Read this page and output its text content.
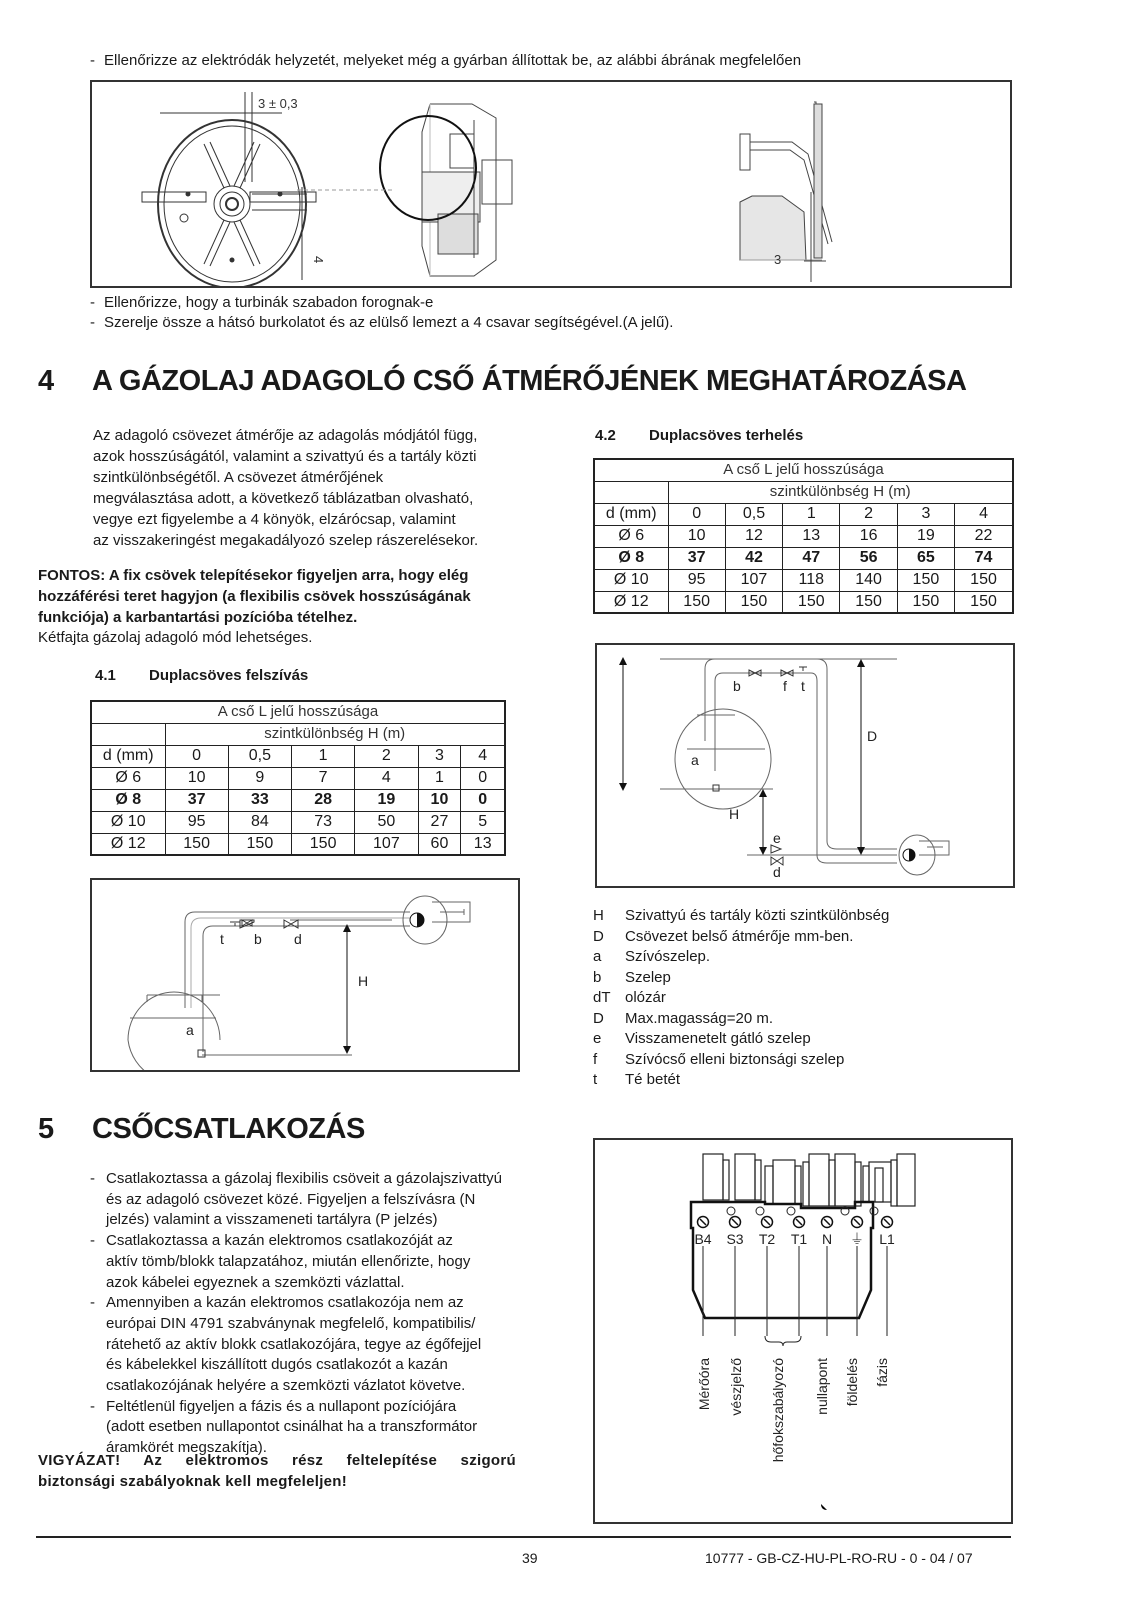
- Ellenőrizze az elektródák helyzetét, melyeket még a gyárban állítottak be, az alábbi ábrának megfelelően
3 ± 0,3
4	3
- Ellenőrizze, hogy a turbinák szabadon forognak-e
- Szerelje össze a hátsó burkolatot és az elülső lemezt a 4 csavar segítségével.(A jelű).
4 A GÁZOLAJ ADAGOLÓ CSŐ ÁTMÉRŐJÉNEK MEGHATÁROZÁSA
Az adagoló csövezet átmérője az adagolás módjától függ,
azok hosszúságától, valamint a szivattyú és a tartály közti
szintkülönbségétől. A csövezet átmérőjének
megválasztása adott, a következő táblázatban olvasható,
vegye ezt figyelembe a 4 könyök, elzárócsap, valamint
az visszakeringést megakadályozó szelep rászerelésekor.
FONTOS: A fix csövek telepítésekor figyeljen arra, hogy elég
hozzáférési teret hagyjon (a flexibilis csövek hosszúságának
funkciója) a karbantartási pozícióba tételhez.
Kétfajta gázolaj adagoló mód lehetséges.
4.1 Duplacsöves felszívás
A cső L jelű hosszúsága						
	szintkülönbség H (m)					
d (mm)	0	0,5	1	2	3	4
Ø 6	10	9	7	4	1	0
Ø 8	37	33	28	19	10	0
Ø 10	95	84	73	50	27	5
Ø 12	150	150	150	107	60	13
t b d
H
a
4.2 Duplacsöves terhelés
A cső L jelű hosszúsága						
	szintkülönbség H (m)					
d (mm)	0	0,5	1	2	3	4
Ø 6	10	12	13	16	19	22
Ø 8	37	42	47	56	65	74
Ø 10	95	107	118	140	150	150
Ø 12	150	150	150	150	150	150
b	f t
D
a
H
e
d
H	Szivattyú és tartály közti szintkülönbség
D	Csövezet belső átmérője mm-ben.
a	Szívószelep.
b	Szelep
dT olózár
D	Max.magasság=20 m.
e	Visszamenetelt gátló szelep
f	Szívócső elleni biztonsági szelep
t	Té betét
5 CSŐCSATLAKOZÁS
- Csatlakoztassa a gázolaj flexibilis csöveit a gázolajszivattyú
és az adagoló csövezet közé. Figyeljen a felszívásra (N
jelzés) valamint a visszameneti tartályra (P jelzés)
- Csatlakoztassa a kazán elektromos csatlakozóját az
aktív tömb/blokk talapzatához, miután ellenőrizte, hogy
azok kábelei egyeznek a szemközti vázlattal.
- Amennyiben a kazán elektromos csatlakozója nem az
európai DIN 4791 szabványnak megfelelő, kompatibilis/
rátehető az aktív blokk csatlakozójára, tegye az égőfejjel
és kábelekkel kiszállított dugós csatlakozót a kazán
csatlakozójának helyére a szemközti vázlatot követve.
- Feltétlenül figyeljen a fázis és a nullapont pozíciójára
(adott esetben nullapontot csinálhat ha a transzformátor
áramkörét megszakítja).
VIGYÁZAT! Az elektromos rész feltelepítése szigorú
biztonsági szabályoknak kell megfeleljen!
B4 S3 T2 T1 N ⏚ L1
Mérőóra vészjelző hőfokszabályozó nullapont földelés fázis
39	10777 - GB-CZ-HU-PL-RO-RU - 0 - 04 / 07
